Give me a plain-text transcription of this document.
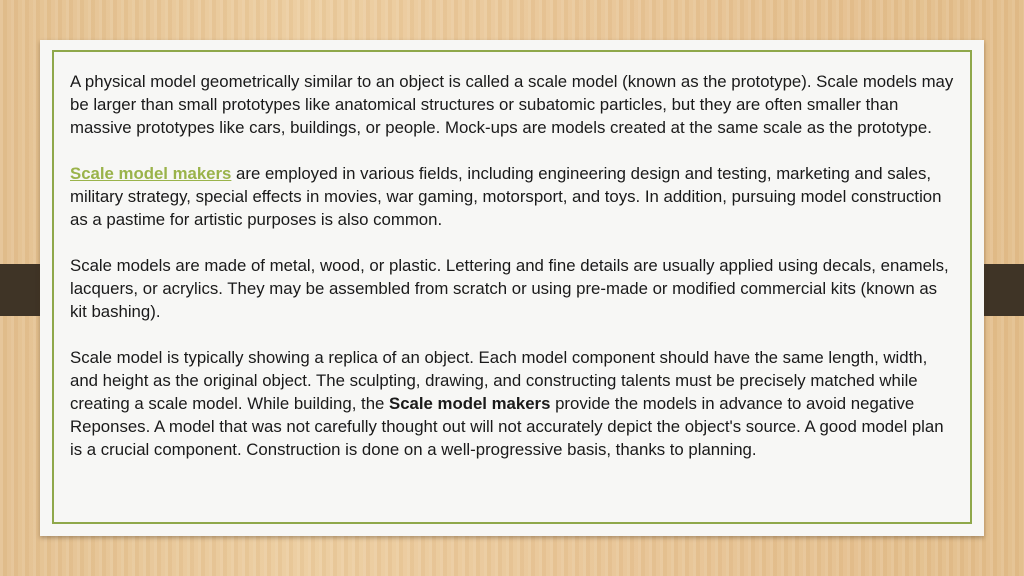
A physical model geometrically similar to an object is called a scale model (known as the prototype). Scale models may be larger than small prototypes like anatomical structures or subatomic particles, but they are often smaller than massive prototypes like cars, buildings, or people. Mock-ups are models created at the same scale as the prototype.

Scale model makers are employed in various fields, including engineering design and testing, marketing and sales, military strategy, special effects in movies, war gaming, motorsport, and toys. In addition, pursuing model construction as a pastime for artistic purposes is also common.

Scale models are made of metal, wood, or plastic. Lettering and fine details are usually applied using decals, enamels, lacquers, or acrylics. They may be assembled from scratch or using pre-made or modified commercial kits (known as kit bashing).

Scale model is typically showing a replica of an object. Each model component should have the same length, width, and height as the original object. The sculpting, drawing, and constructing talents must be precisely matched while creating a scale model. While building, the Scale model makers provide the models in advance to avoid negative Reponses. A model that was not carefully thought out will not accurately depict the object's source. A good model plan is a crucial component. Construction is done on a well-progressive basis, thanks to planning.
